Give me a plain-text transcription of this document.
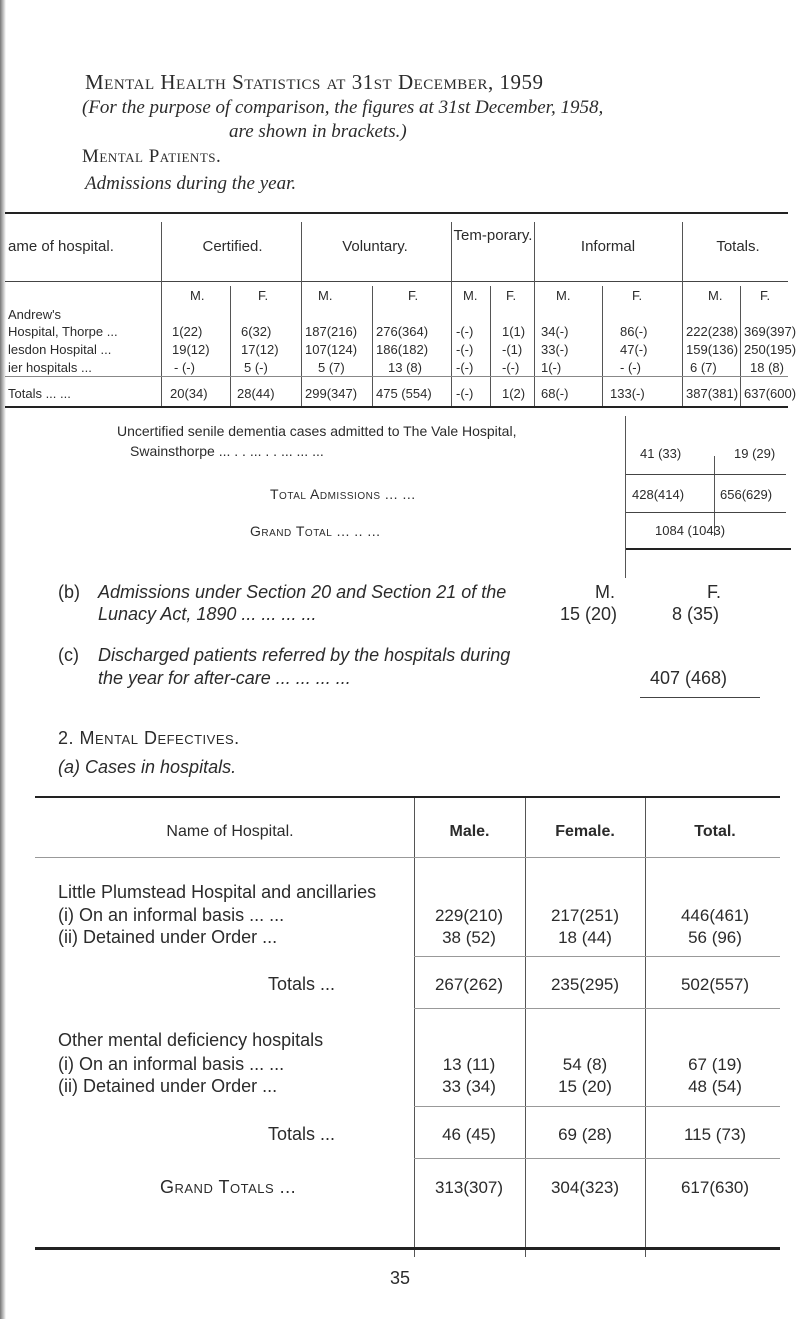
Mental Health Statistics at 31st December, 1959
(For the purpose of comparison, the figures at 31st December, 1958,
are shown in brackets.)
Mental Patients.
Admissions during the year.
ame of hospital.	Certified.	Voluntary.
Tem-porary.
Informal	Totals.
M.	F.	M.	F.	M. F.	M.	F.	M.	F.
Andrew's
Hospital, Thorpe ...	1(22)	6(32)	187(216) 276(364) -(-) 1(1) 34(-)	86(-)	222(238) 369(397)
lesdon Hospital ...	19(12) 17(12) 107(124) 186(182) -(-) -(1) 33(-)	47(-)	159(136) 250(195)
ier hospitals ...	- (-)	5 (-)	5 (7)	13 (8)	-(-) -(-) 1(-)	- (-)	6 (7)	18 (8)
Totals ... ...	20(34) 28(44) 299(347) 475 (554) -(-) 1(2) 68(-)	133(-)	387(381) 637(600)
Uncertified senile dementia cases admitted to The Vale Hospital,
Swainsthorpe ... . . ... . . ... ... ...	41 (33)	19 (29)
Total Admissions ... ...	428(414)	656(629)
Grand Total ... .. ...	1084 (1043)
(b) Admissions under Section 20 and Section 21 of the	M.	F.
Lunacy Act, 1890 ... ... ... ...	15 (20)	8 (35)
(c) Discharged patients referred by the hospitals during
the year for after-care ... ... ... ...	407 (468)
2. Mental Defectives.
(a) Cases in hospitals.
Name of Hospital.	Male.	Female.	Total.
Little Plumstead Hospital and ancillaries
(i) On an informal basis ... ...	229(210)	217(251)	446(461)
(ii) Detained under Order ...	38 (52)	18 (44)	56 (96)
Totals ...	267(262)	235(295)	502(557)
Other mental deficiency hospitals
(i) On an informal basis ... ...	13 (11)	54 (8)	67 (19)
(ii) Detained under Order ...	33 (34)	15 (20)	48 (54)
Totals ...	46 (45)	69 (28)	115 (73)
Grand Totals ...	313(307)	304(323)	617(630)
35
